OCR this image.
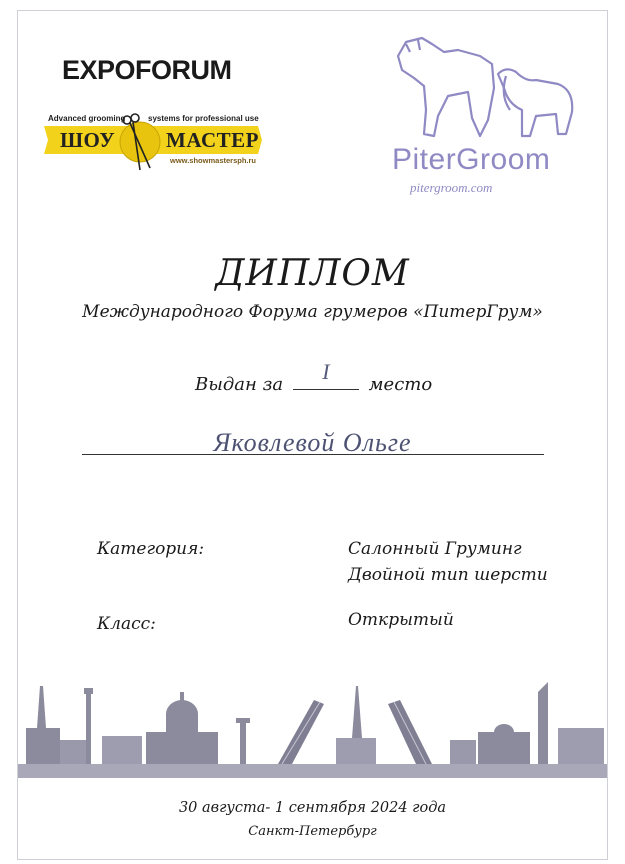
EXPOFORUM
Advanced grooming	systems for professional use
ШОУ МАСТЕР
www.showmastersph.ru	PiterGroom
pitergroom.com
ДИПЛОМ
Международного Форума грумеров «ПитерГрум»
Выдан за
I
место
Яковлевой Ольге
Категория:	Салонный Груминг
Двойной тип шерсти
Класс:	Открытый
30 августа- 1 сентября 2024 года
Санкт-Петербург
